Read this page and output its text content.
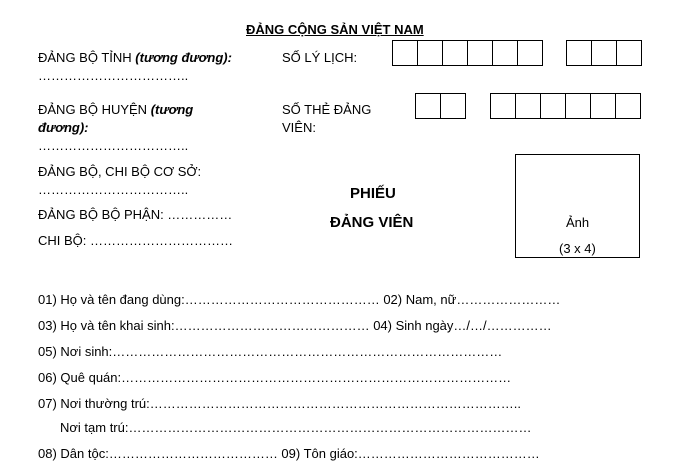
ĐẢNG CỘNG SẢN VIỆT NAM
ĐẢNG BỘ TỈNH (tương đương):
……………………………..
ĐẢNG BỘ HUYỆN (tương
đương):
……………………………..
ĐẢNG BỘ, CHI BỘ CƠ SỞ:
……………………………..
ĐẢNG BỘ BỘ PHẬN: ……………
CHI BỘ: ……………………………
SỐ LÝ LỊCH:
SỐ THẺ ĐẢNG
VIÊN:
PHIẾU
ĐẢNG VIÊN	Ảnh
(3 x 4)
01) Họ và tên đang dùng:……………………………………… 02) Nam, nữ……………………
03) Họ và tên khai sinh:……………………………………… 04) Sinh ngày…/…/……………
05) Nơi sinh:………………………………………………………………………………
06) Quê quán:………………………………………………………………………………
07) Nơi thường trú:…………………………………………………………………………..
Nơi tạm trú:…………………………………………………………………………………
08) Dân tộc:………………………………… 09) Tôn giáo:……………………………………
